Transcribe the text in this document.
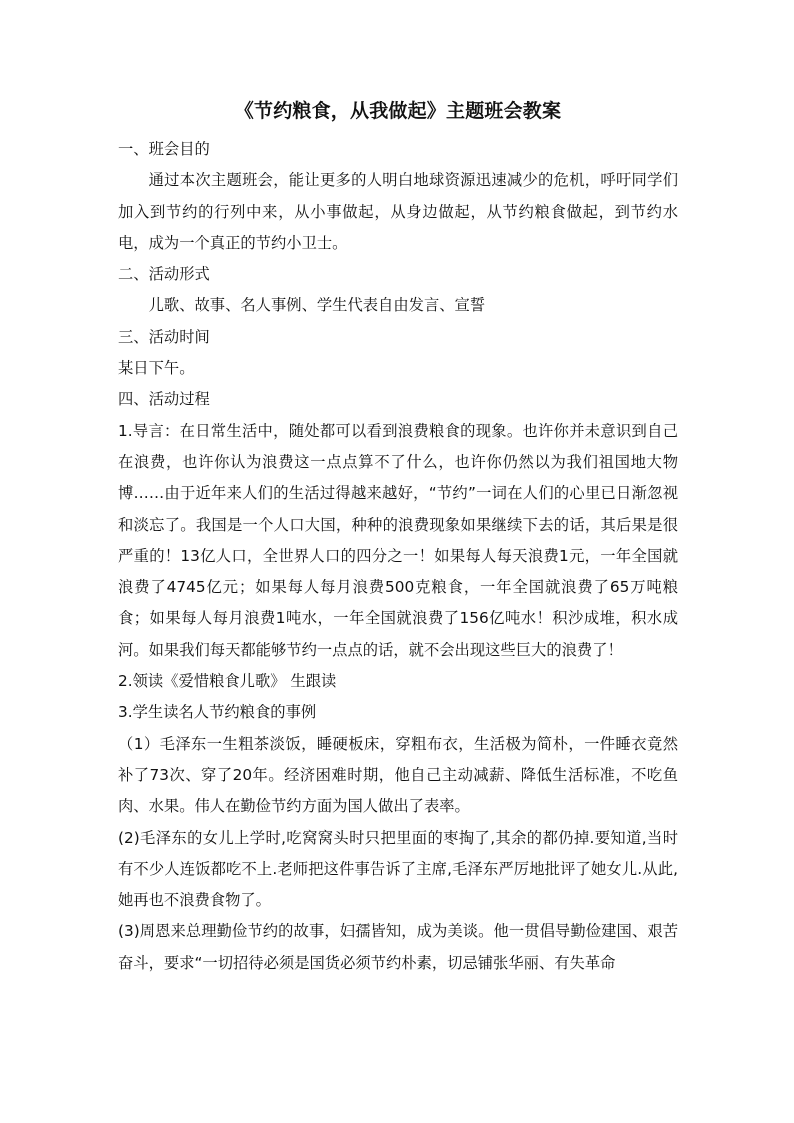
《节约粮食，从我做起》主题班会教案

一、班会目的

通过本次主题班会，能让更多的人明白地球资源迅速减少的危机，呼吁同学们加入到节约的行列中来，从小事做起，从身边做起，从节约粮食做起，到节约水电，成为一个真正的节约小卫士。

二、活动形式

儿歌、故事、名人事例、学生代表自由发言、宣誓

三、活动时间

某日下午。

四、活动过程

1.导言：在日常生活中，随处都可以看到浪费粮食的现象。也许你并未意识到自己在浪费，也许你认为浪费这一点点算不了什么，也许你仍然以为我们祖国地大物博……由于近年来人们的生活过得越来越好，“节约”一词在人们的心里已日渐忽视和淡忘了。我国是一个人口大国，种种的浪费现象如果继续下去的话，其后果是很严重的！13亿人口，全世界人口的四分之一！如果每人每天浪费1元，一年全国就浪费了4745亿元；如果每人每月浪费500克粮食，一年全国就浪费了65万吨粮食；如果每人每月浪费1吨水，一年全国就浪费了156亿吨水！积沙成堆，积水成河。如果我们每天都能够节约一点点的话，就不会出现这些巨大的浪费了！

2.领读《爱惜粮食儿歌》 生跟读

3.学生读名人节约粮食的事例

（1）毛泽东一生粗茶淡饭，睡硬板床，穿粗布衣，生活极为简朴，一件睡衣竟然补了73次、穿了20年。经济困难时期，他自己主动减薪、降低生活标准，不吃鱼肉、水果。伟人在勤俭节约方面为国人做出了表率。

(2)毛泽东的女儿上学时,吃窝窝头时只把里面的枣掏了,其余的都仍掉.要知道,当时有不少人连饭都吃不上.老师把这件事告诉了主席,毛泽东严厉地批评了她女儿.从此,她再也不浪费食物了。

(3)周恩来总理勤俭节约的故事，妇孺皆知，成为美谈。他一贯倡导勤俭建国、艰苦奋斗，要求“一切招待必须是国货必须节约朴素，切忌铺张华丽、有失革命
